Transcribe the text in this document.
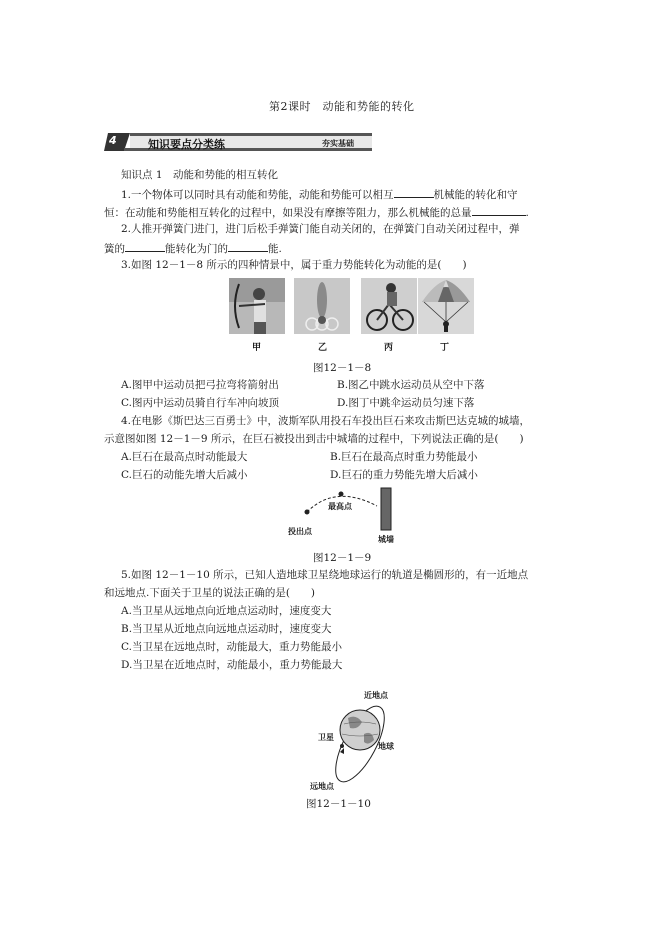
第2课时　动能和势能的转化
4	知识要点分类练	夯实基础
知识点 1　动能和势能的相互转化
1.一个物体可以同时具有动能和势能，动能和势能可以相互	机械能的转化和守
恒：在动能和势能相互转化的过程中，如果没有摩擦等阻力，那么机械能的总量	.
2.人推开弹簧门进门，进门后松手弹簧门能自动关闭的，在弹簧门自动关闭过程中，弹
簧的	能转化为门的	能.
3.如图 12－1－8 所示的四种情景中，属于重力势能转化为动能的是(　　)
甲	乙	丙	丁
图12－1－8
A.图甲中运动员把弓拉弯将箭射出	B.图乙中跳水运动员从空中下落
C.图丙中运动员骑自行车冲向坡顶	D.图丁中跳伞运动员匀速下落
4.在电影《斯巴达三百勇士》中，波斯军队用投石车投出巨石来攻击斯巴达克城的城墙，
示意图如图 12－1－9 所示，在巨石被投出到击中城墙的过程中，下列说法正确的是(　　)
A.巨石在最高点时动能最大	B.巨石在最高点时重力势能最小
C.巨石的动能先增大后减小	D.巨石的重力势能先增大后减小
最高点
投出点
城墙
图12－1－9
5.如图 12－1－10 所示，已知人造地球卫星绕地球运行的轨道是椭圆形的，有一近地点
和远地点.下面关于卫星的说法正确的是(　　)
A.当卫星从远地点向近地点运动时，速度变大
B.当卫星从近地点向远地点运动时，速度变大
C.当卫星在远地点时，动能最大，重力势能最小
D.当卫星在近地点时，动能最小，重力势能最大
近地点
卫星
地球
远地点
图12－1－10
